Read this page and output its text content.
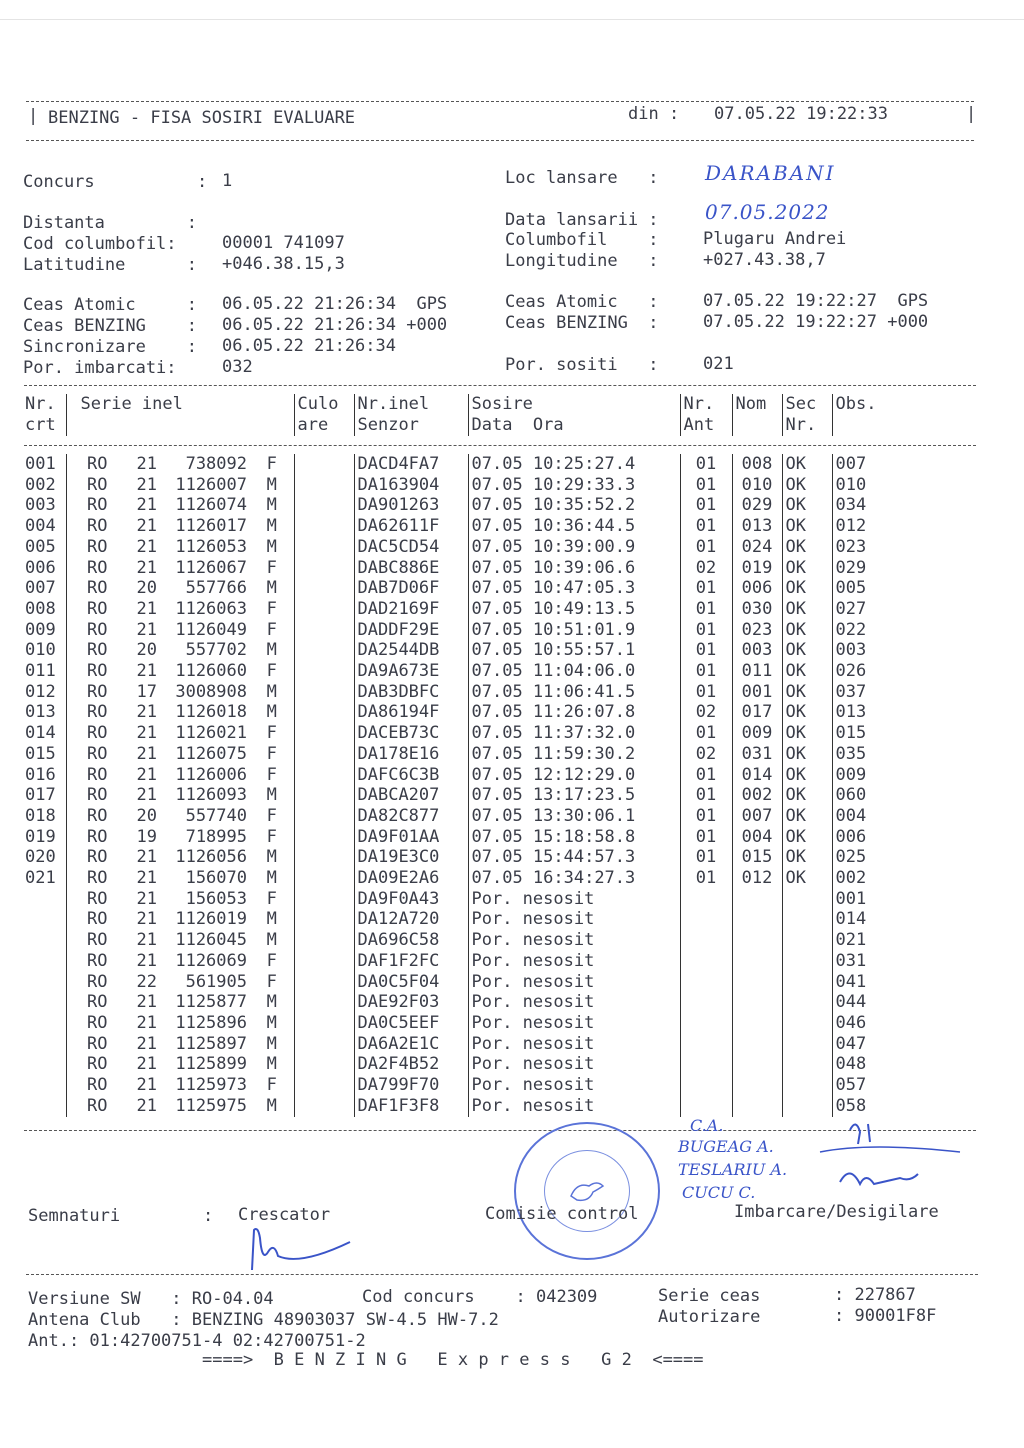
| BENZING - FISA SOSIRI EVALUARE	din : 07.05.22 19:22:33	|
Concurs          : 1	Loc lansare   : DARABANI
Distanta        :	Data lansarii : 07.05.2022
Cod columbofil:	00001 741097	Columbofil    :	Plugaru Andrei
Latitudine      : +046.38.15,3	Longitudine   :	+027.43.38,7
Ceas Atomic     : 06.05.22 21:26:34  GPS	Ceas Atomic   :	07.05.22 19:22:27  GPS
Ceas BENZING    : 06.05.22 21:26:34 +000	Ceas BENZING  :	07.05.22 19:22:27 +000
Sincronizare    : 06.05.22 21:26:34
Por. imbarcati:	032	Por. sositi   :	021
Nr.	Serie inel				Culo	Nr.inel	Sosire	Nr.	Nom	Sec	Obs.
crt					are	Senzor	Data  Ora	Ant		Nr.	

001	RO	21	738092	F		DACD4FA7	07.05 10:25:27.4	01	008	OK	007
002	RO	21	1126007	M		DA163904	07.05 10:29:33.3	01	010	OK	010
003	RO	21	1126074	M		DA901263	07.05 10:35:52.2	01	029	OK	034
004	RO	21	1126017	M		DA62611F	07.05 10:36:44.5	01	013	OK	012
005	RO	21	1126053	M		DAC5CD54	07.05 10:39:00.9	01	024	OK	023
006	RO	21	1126067	F		DABC886E	07.05 10:39:06.6	02	019	OK	029
007	RO	20	557766	M		DAB7D06F	07.05 10:47:05.3	01	006	OK	005
008	RO	21	1126063	F		DAD2169F	07.05 10:49:13.5	01	030	OK	027
009	RO	21	1126049	F		DADDF29E	07.05 10:51:01.9	01	023	OK	022
010	RO	20	557702	M		DA2544DB	07.05 10:55:57.1	01	003	OK	003
011	RO	21	1126060	F		DA9A673E	07.05 11:04:06.0	01	011	OK	026
012	RO	17	3008908	M		DAB3DBFC	07.05 11:06:41.5	01	001	OK	037
013	RO	21	1126018	M		DA86194F	07.05 11:26:07.8	02	017	OK	013
014	RO	21	1126021	F		DACEB73C	07.05 11:37:32.0	01	009	OK	015
015	RO	21	1126075	F		DA178E16	07.05 11:59:30.2	02	031	OK	035
016	RO	21	1126006	F		DAFC6C3B	07.05 12:12:29.0	01	014	OK	009
017	RO	21	1126093	M		DABCA207	07.05 13:17:23.5	01	002	OK	060
018	RO	20	557740	F		DA82C877	07.05 13:30:06.1	01	007	OK	004
019	RO	19	718995	F		DA9F01AA	07.05 15:18:58.8	01	004	OK	006
020	RO	21	1126056	M		DA19E3C0	07.05 15:44:57.3	01	015	OK	025
021	RO	21	156070	M		DA09E2A6	07.05 16:34:27.3	01	012	OK	002
	RO	21	156053	F		DA9F0A43	Por. nesosit				001
	RO	21	1126019	M		DA12A720	Por. nesosit				014
	RO	21	1126045	M		DA696C58	Por. nesosit				021
	RO	21	1126069	F		DAF1F2FC	Por. nesosit				031
	RO	22	561905	F		DA0C5F04	Por. nesosit				041
	RO	21	1125877	M		DAE92F03	Por. nesosit				044
	RO	21	1125896	M		DA0C5EEF	Por. nesosit				046
	RO	21	1125897	M		DA6A2E1C	Por. nesosit				047
	RO	21	1125899	M		DA2F4B52	Por. nesosit				048
	RO	21	1125973	F		DA799F70	Por. nesosit				057
	RO	21	1125975	M		DAF1F3F8	Por. nesosit				058
C.A.
BUGEAG A.
TESLARIU A.
CUCU C.
Semnaturi	: Crescator	Comisie control	Imbarcare/Desigilare
Versiune SW   : RO-04.04	Cod concurs    : 042309	Serie ceas	: 227867
Antena Club   : BENZING 48903037 SW-4.5 HW-7.2	Autorizare	: 90001F8F
Ant.: 01:42700751-4 02:42700751-2
====>  B E N Z I N G   E x p r e s s   G 2  <====
